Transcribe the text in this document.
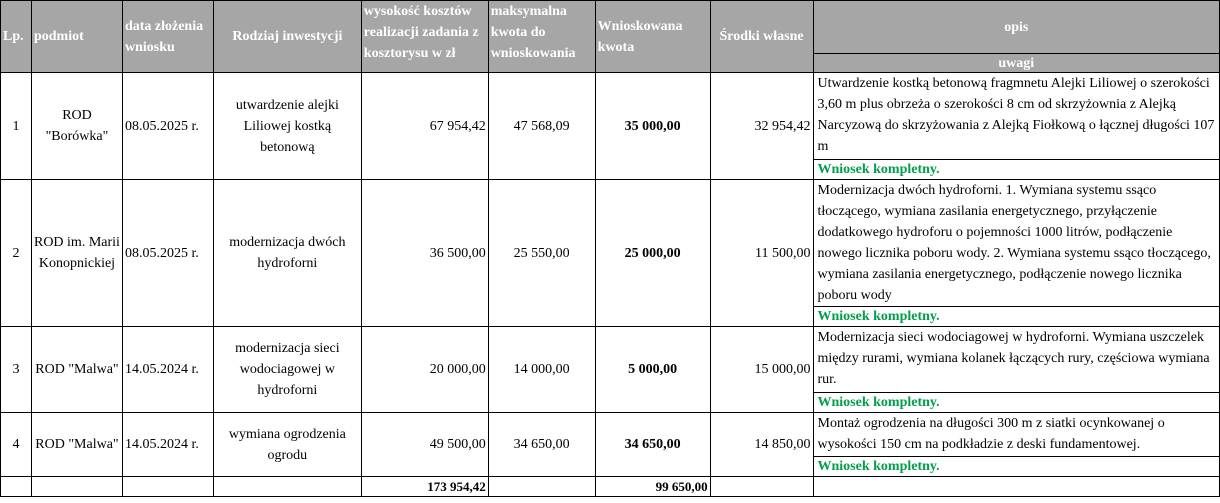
Lp.	podmiot	data złożenia wniosku	Rodziaj inwestycji	wysokość kosztów realizacji zadania z kosztorysu w zł	maksymalna kwota do wnioskowania	Wnioskowana kwota	Środki własne	opis
								uwagi
1	ROD "Borówka"	08.05.2025 r.	utwardzenie alejki Liliowej kostką betonową	67 954,42	47 568,09	35 000,00	32 954,42	Utwardzenie kostką betonową fragmnetu Alejki Liliowej o szerokości 3,60 m plus obrzeża o szerokości 8 cm od skrzyżownia z Alejką Narcyzową do skrzyżowania z Alejką Fiołkową o łącznej długości 107 m
								Wniosek kompletny.
2	ROD im. Marii Konopnickiej	08.05.2025 r.	modernizacja dwóch hydroforni	36 500,00	25 550,00	25 000,00	11 500,00	Modernizacja dwóch hydroforni. 1. Wymiana systemu ssąco tłoczącego, wymiana zasilania energetycznego, przyłączenie dodatkowego hydroforu o pojemności 1000 litrów, podłączenie nowego licznika poboru wody. 2. Wymiana systemu ssąco tłoczącego, wymiana zasilania energetycznego, podłączenie nowego licznika poboru wody
								Wniosek kompletny.
3	ROD "Malwa"	14.05.2024 r.	modernizacja sieci wodociagowej w hydroforni	20 000,00	14 000,00	5 000,00	15 000,00	Modernizacja sieci wodociagowej w hydroforni. Wymiana uszczelek między rurami, wymiana kolanek łączących rury, częściowa wymiana rur.
								Wniosek kompletny.
4	ROD "Malwa"	14.05.2024 r.	wymiana ogrodzenia ogrodu	49 500,00	34 650,00	34 650,00	14 850,00	Montaż ogrodzenia na długości 300 m z siatki ocynkowanej o wysokości 150 cm na podkładzie z deski fundamentowej.
								Wniosek kompletny.
				173 954,42		99 650,00		
